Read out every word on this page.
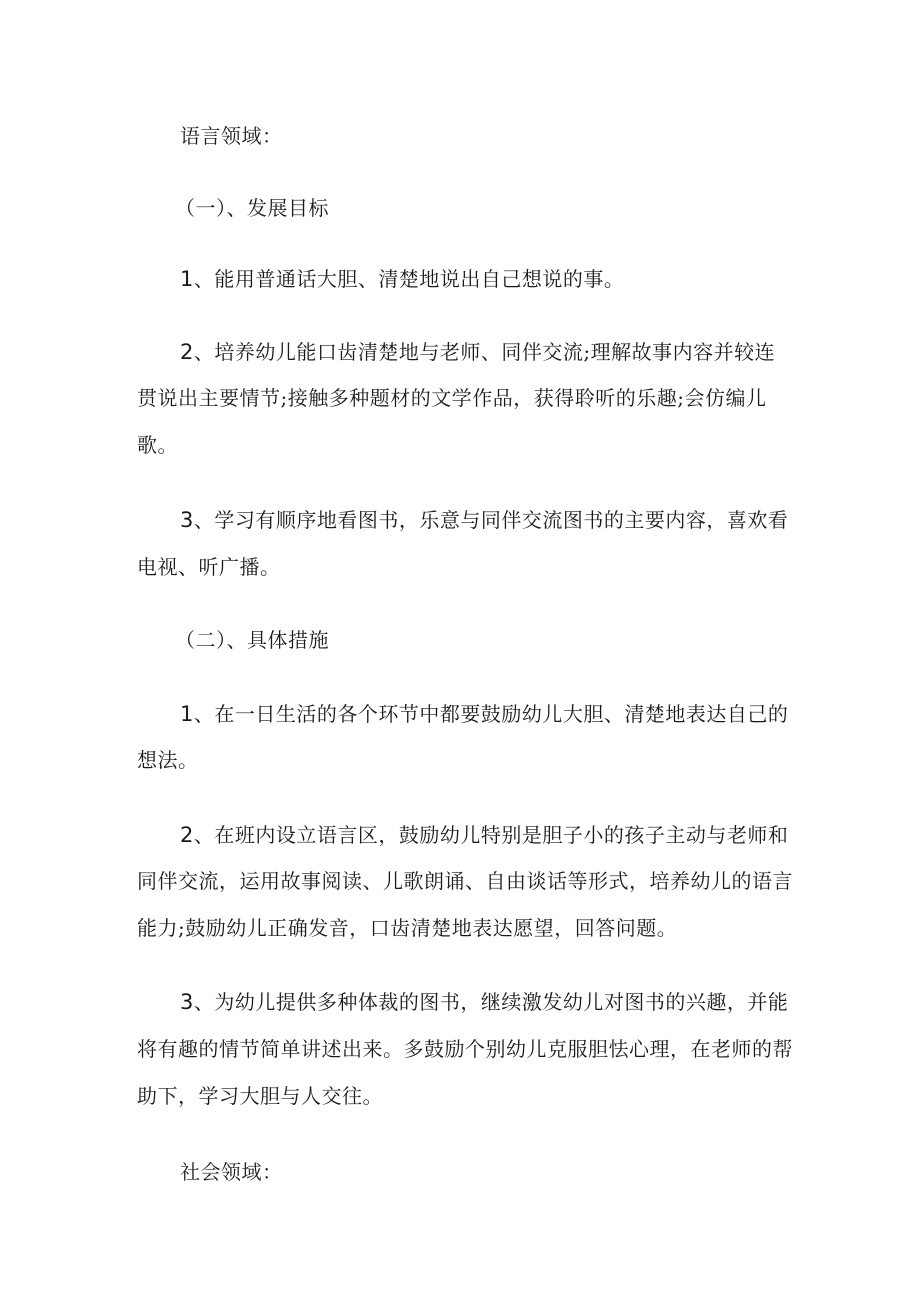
语言领域：
（一）、发展目标
1、能用普通话大胆、清楚地说出自己想说的事。
2、培养幼儿能口齿清楚地与老师、同伴交流;理解故事内容并较连
贯说出主要情节;接触多种题材的文学作品，获得聆听的乐趣;会仿编儿
歌。
3、学习有顺序地看图书，乐意与同伴交流图书的主要内容，喜欢看
电视、听广播。
（二）、具体措施
1、在一日生活的各个环节中都要鼓励幼儿大胆、清楚地表达自己的
想法。
2、在班内设立语言区，鼓励幼儿特别是胆子小的孩子主动与老师和
同伴交流，运用故事阅读、儿歌朗诵、自由谈话等形式，培养幼儿的语言
能力;鼓励幼儿正确发音，口齿清楚地表达愿望，回答问题。
3、为幼儿提供多种体裁的图书，继续激发幼儿对图书的兴趣，并能
将有趣的情节简单讲述出来。多鼓励个别幼儿克服胆怯心理，在老师的帮
助下，学习大胆与人交往。
社会领域：
